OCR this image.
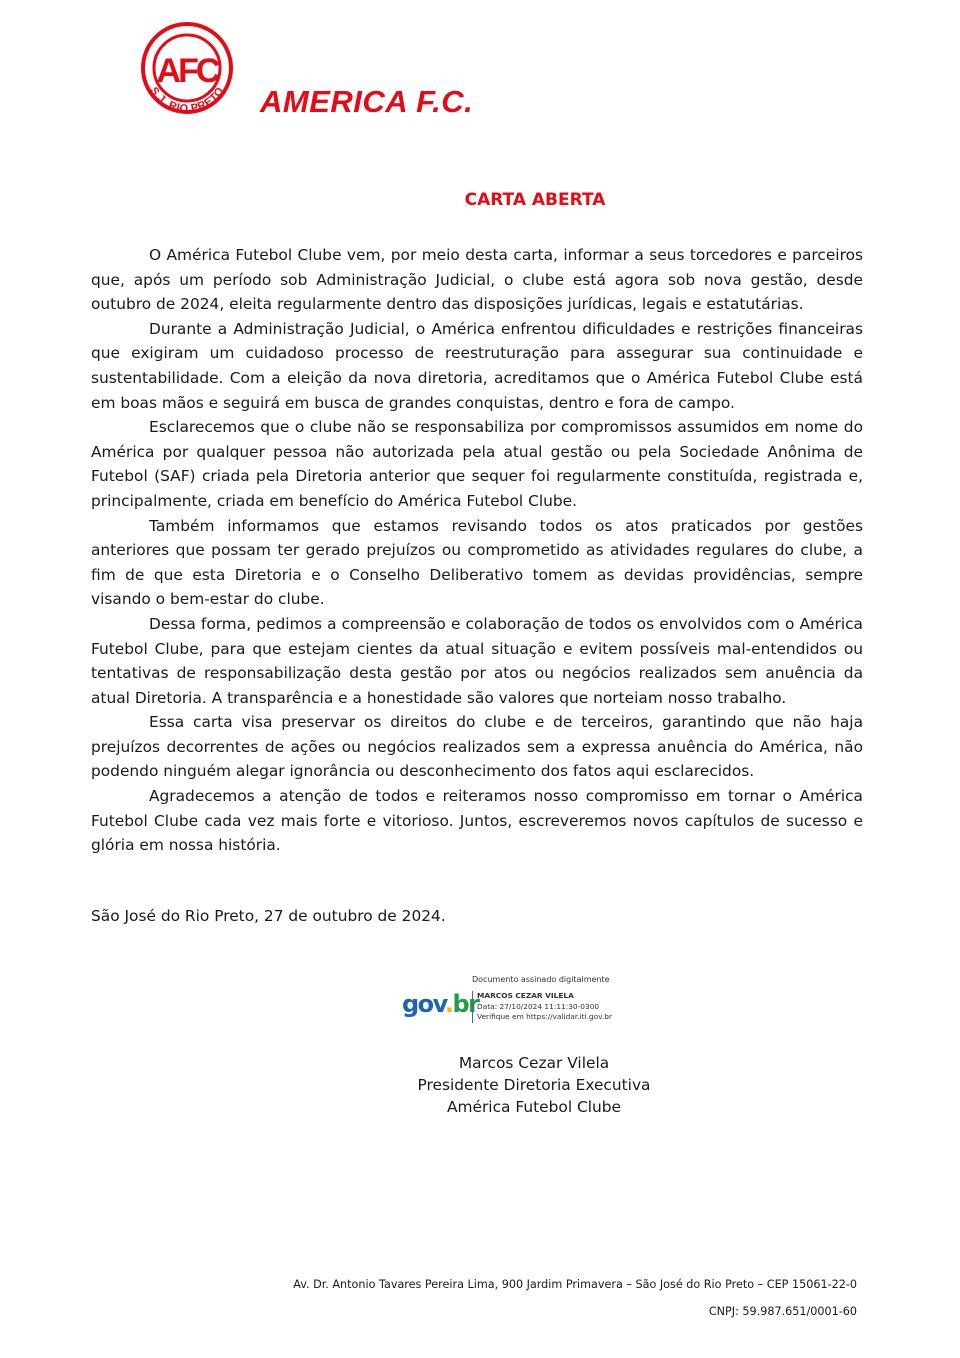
AFC
S.J. RIO PRETO AMERICA F.C.
CARTA ABERTA

O América Futebol Clube vem, por meio desta carta, informar a seus torcedores e parceiros que, após um período sob Administração Judicial, o clube está agora sob nova gestão, desde outubro de 2024, eleita regularmente dentro das disposições jurídicas, legais e estatutárias.

Durante a Administração Judicial, o América enfrentou dificuldades e restrições financeiras que exigiram um cuidadoso processo de reestruturação para assegurar sua continuidade e sustentabilidade. Com a eleição da nova diretoria, acreditamos que o América Futebol Clube está em boas mãos e seguirá em busca de grandes conquistas, dentro e fora de campo.

Esclarecemos que o clube não se responsabiliza por compromissos assumidos em nome do América por qualquer pessoa não autorizada pela atual gestão ou pela Sociedade Anônima de Futebol (SAF) criada pela Diretoria anterior que sequer foi regularmente constituída, registrada e, principalmente, criada em benefício do América Futebol Clube.

Também informamos que estamos revisando todos os atos praticados por gestões anteriores que possam ter gerado prejuízos ou comprometido as atividades regulares do clube, a fim de que esta Diretoria e o Conselho Deliberativo tomem as devidas providências, sempre visando o bem-estar do clube.

Dessa forma, pedimos a compreensão e colaboração de todos os envolvidos com o América Futebol Clube, para que estejam cientes da atual situação e evitem possíveis mal-entendidos ou tentativas de responsabilização desta gestão por atos ou negócios realizados sem anuência da atual Diretoria. A transparência e a honestidade são valores que norteiam nosso trabalho.

Essa carta visa preservar os direitos do clube e de terceiros, garantindo que não haja prejuízos decorrentes de ações ou negócios realizados sem a expressa anuência do América, não podendo ninguém alegar ignorância ou desconhecimento dos fatos aqui esclarecidos.

Agradecemos a atenção de todos e reiteramos nosso compromisso em tornar o América Futebol Clube cada vez mais forte e vitorioso. Juntos, escreveremos novos capítulos de sucesso e glória em nossa história.

São José do Rio Preto, 27 de outubro de 2024.
gov.br
Documento assinado digitalmente
MARCOS CEZAR VILELA
Data: 27/10/2024 11:11:30-0300
Verifique em https://validar.iti.gov.br
Marcos Cezar Vilela
Presidente Diretoria Executiva
América Futebol Clube
Av. Dr. Antonio Tavares Pereira Lima, 900 Jardim Primavera – São José do Rio Preto – CEP 15061-22-0
CNPJ: 59.987.651/0001-60
